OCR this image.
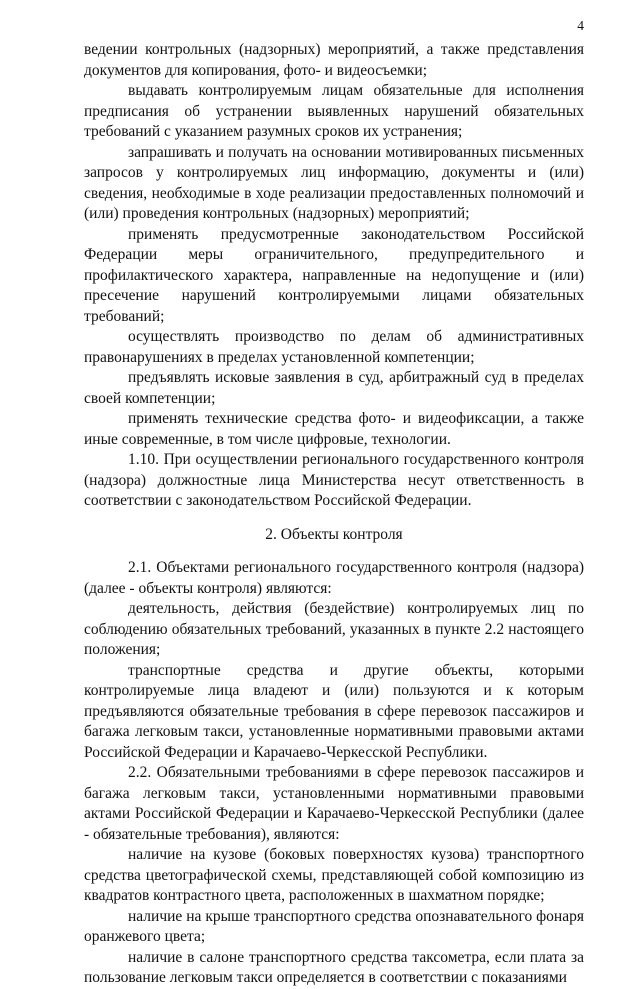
4

ведении контрольных (надзорных) мероприятий, а также представления документов для копирования, фото- и видеосъемки;

выдавать контролируемым лицам обязательные для исполнения предписания об устранении выявленных нарушений обязательных требований с указанием разумных сроков их устранения;

запрашивать и получать на основании мотивированных письменных запросов у контролируемых лиц информацию, документы и (или) сведения, необходимые в ходе реализации предоставленных полномочий и (или) проведения контрольных (надзорных) мероприятий;

применять предусмотренные законодательством Российской Федерации меры ограничительного, предупредительного и профилактического характера, направленные на недопущение и (или) пресечение нарушений контролируемыми лицами обязательных требований;

осуществлять производство по делам об административных правонарушениях в пределах установленной компетенции;

предъявлять исковые заявления в суд, арбитражный суд в пределах своей компетенции;

применять технические средства фото- и видеофиксации, а также иные современные, в том числе цифровые, технологии.

1.10. При осуществлении регионального государственного контроля (надзора) должностные лица Министерства несут ответственность в соответствии с законодательством Российской Федерации.

2. Объекты контроля

2.1. Объектами регионального государственного контроля (надзора) (далее - объекты контроля) являются:

деятельность, действия (бездействие) контролируемых лиц по соблюдению обязательных требований, указанных в пункте 2.2 настоящего положения;

транспортные средства и другие объекты, которыми контролируемые лица владеют и (или) пользуются и к которым предъявляются обязательные требования в сфере перевозок пассажиров и багажа легковым такси, установленные нормативными правовыми актами Российской Федерации и Карачаево-Черкесской Республики.

2.2. Обязательными требованиями в сфере перевозок пассажиров и багажа легковым такси, установленными нормативными правовыми актами Российской Федерации и Карачаево-Черкесской Республики (далее - обязательные требования), являются:

наличие на кузове (боковых поверхностях кузова) транспортного средства цветографической схемы, представляющей собой композицию из квадратов контрастного цвета, расположенных в шахматном порядке;

наличие на крыше транспортного средства опознавательного фонаря оранжевого цвета;

наличие в салоне транспортного средства таксометра, если плата за пользование легковым такси определяется в соответствии с показаниями
